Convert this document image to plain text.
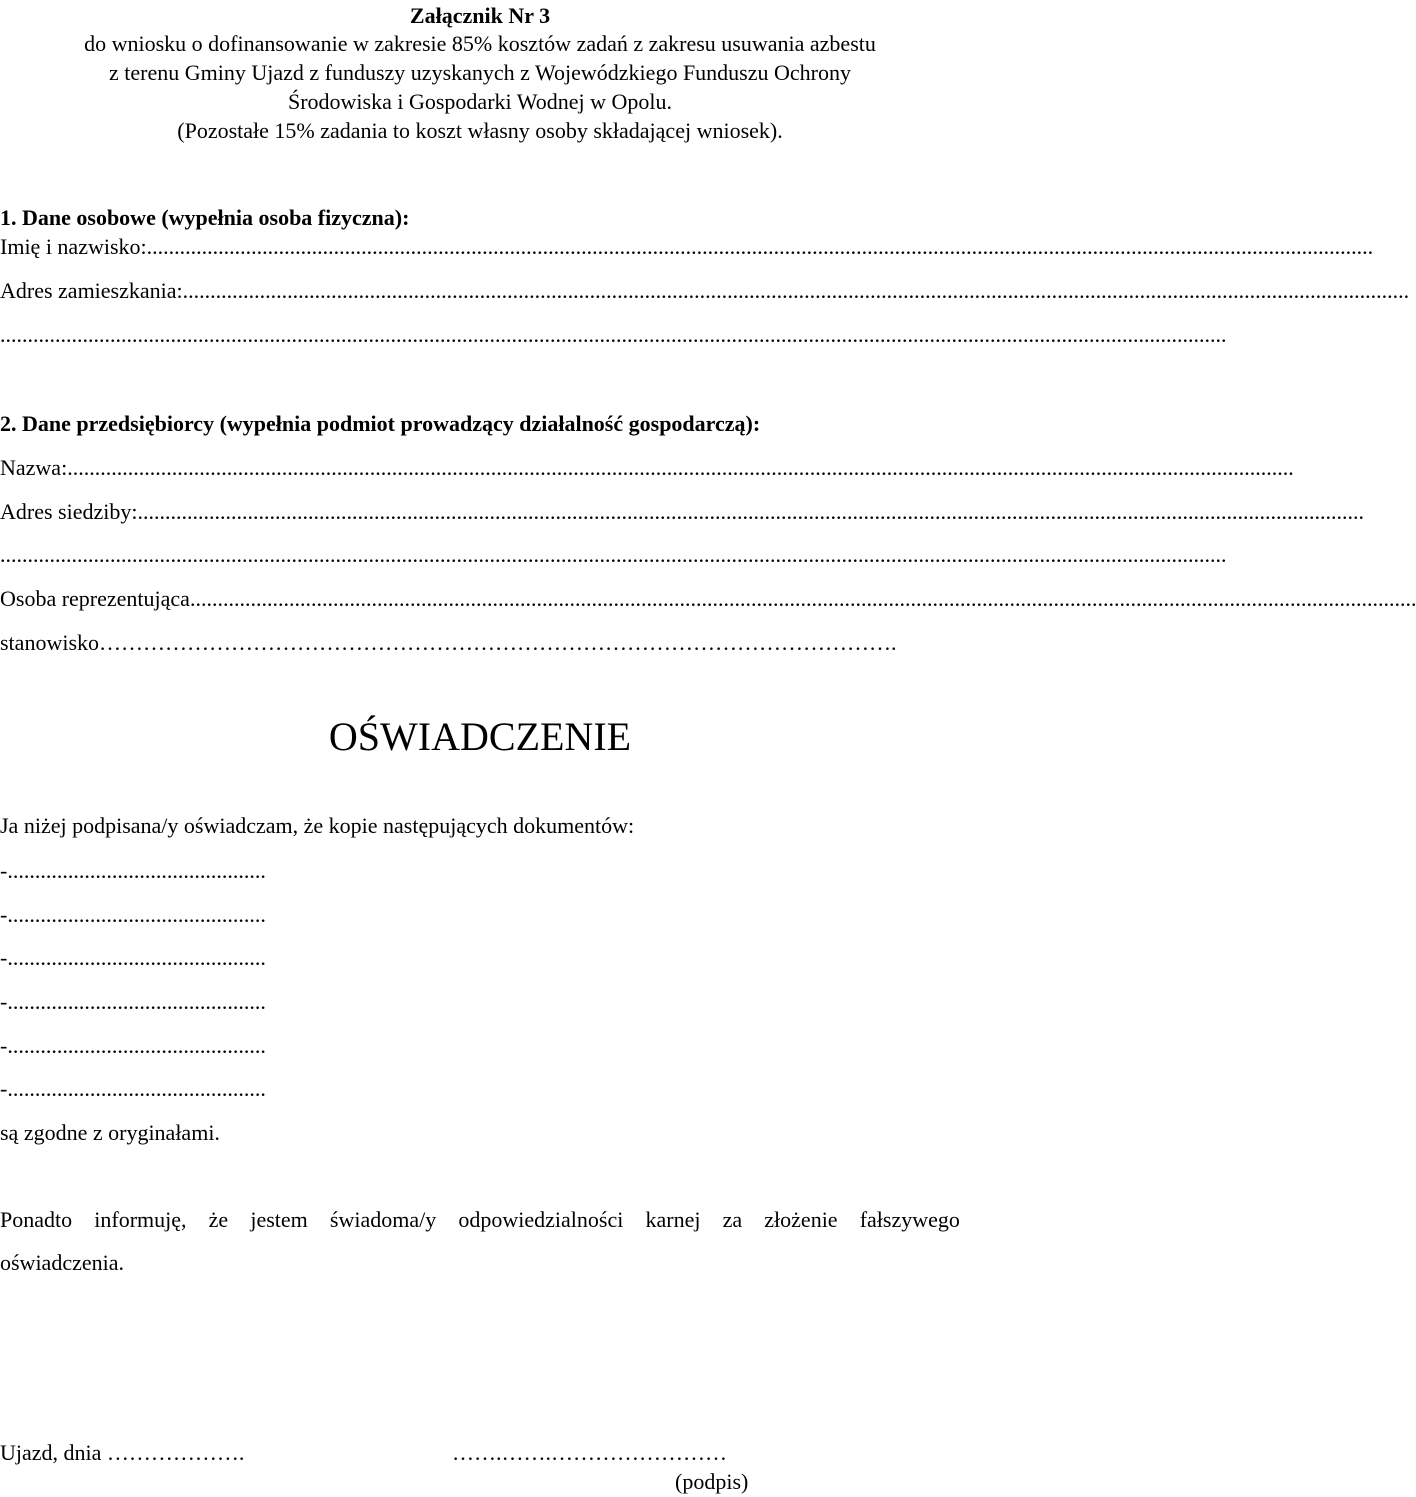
Załącznik Nr 3
do wniosku o dofinansowanie w zakresie 85% kosztów zadań z zakresu usuwania azbestu
z terenu Gminy Ujazd z funduszy uzyskanych z Wojewódzkiego Funduszu Ochrony
Środowiska i Gospodarki Wodnej w Opolu.
(Pozostałe 15% zadania to koszt własny osoby składającej wniosek).
1. Dane osobowe (wypełnia osoba fizyczna):
Imię i nazwisko: ...............................................................................................................................................................................................................................
Adres zamieszkania: ...............................................................................................................................................................................................................................
...............................................................................................................................................................................................................................
2. Dane przedsiębiorcy (wypełnia podmiot prowadzący działalność gospodarczą):
Nazwa: ...............................................................................................................................................................................................................................
Adres siedziby: ...............................................................................................................................................................................................................................
...............................................................................................................................................................................................................................
Osoba reprezentująca ...............................................................................................................................................................................................................................
stanowisko ……………………………………………………………………………………………….
OŚWIADCZENIE
Ja niżej podpisana/y oświadczam, że kopie następujących dokumentów:
-...............................................
-...............................................
-...............................................
-...............................................
-...............................................
-...............................................
są zgodne z oryginałami.
Ponadto informuję, że jestem świadoma/y odpowiedzialności karnej za złożenie fałszywego
oświadczenia.
Ujazd, dnia ……………….	…….…….……………………
(podpis)
